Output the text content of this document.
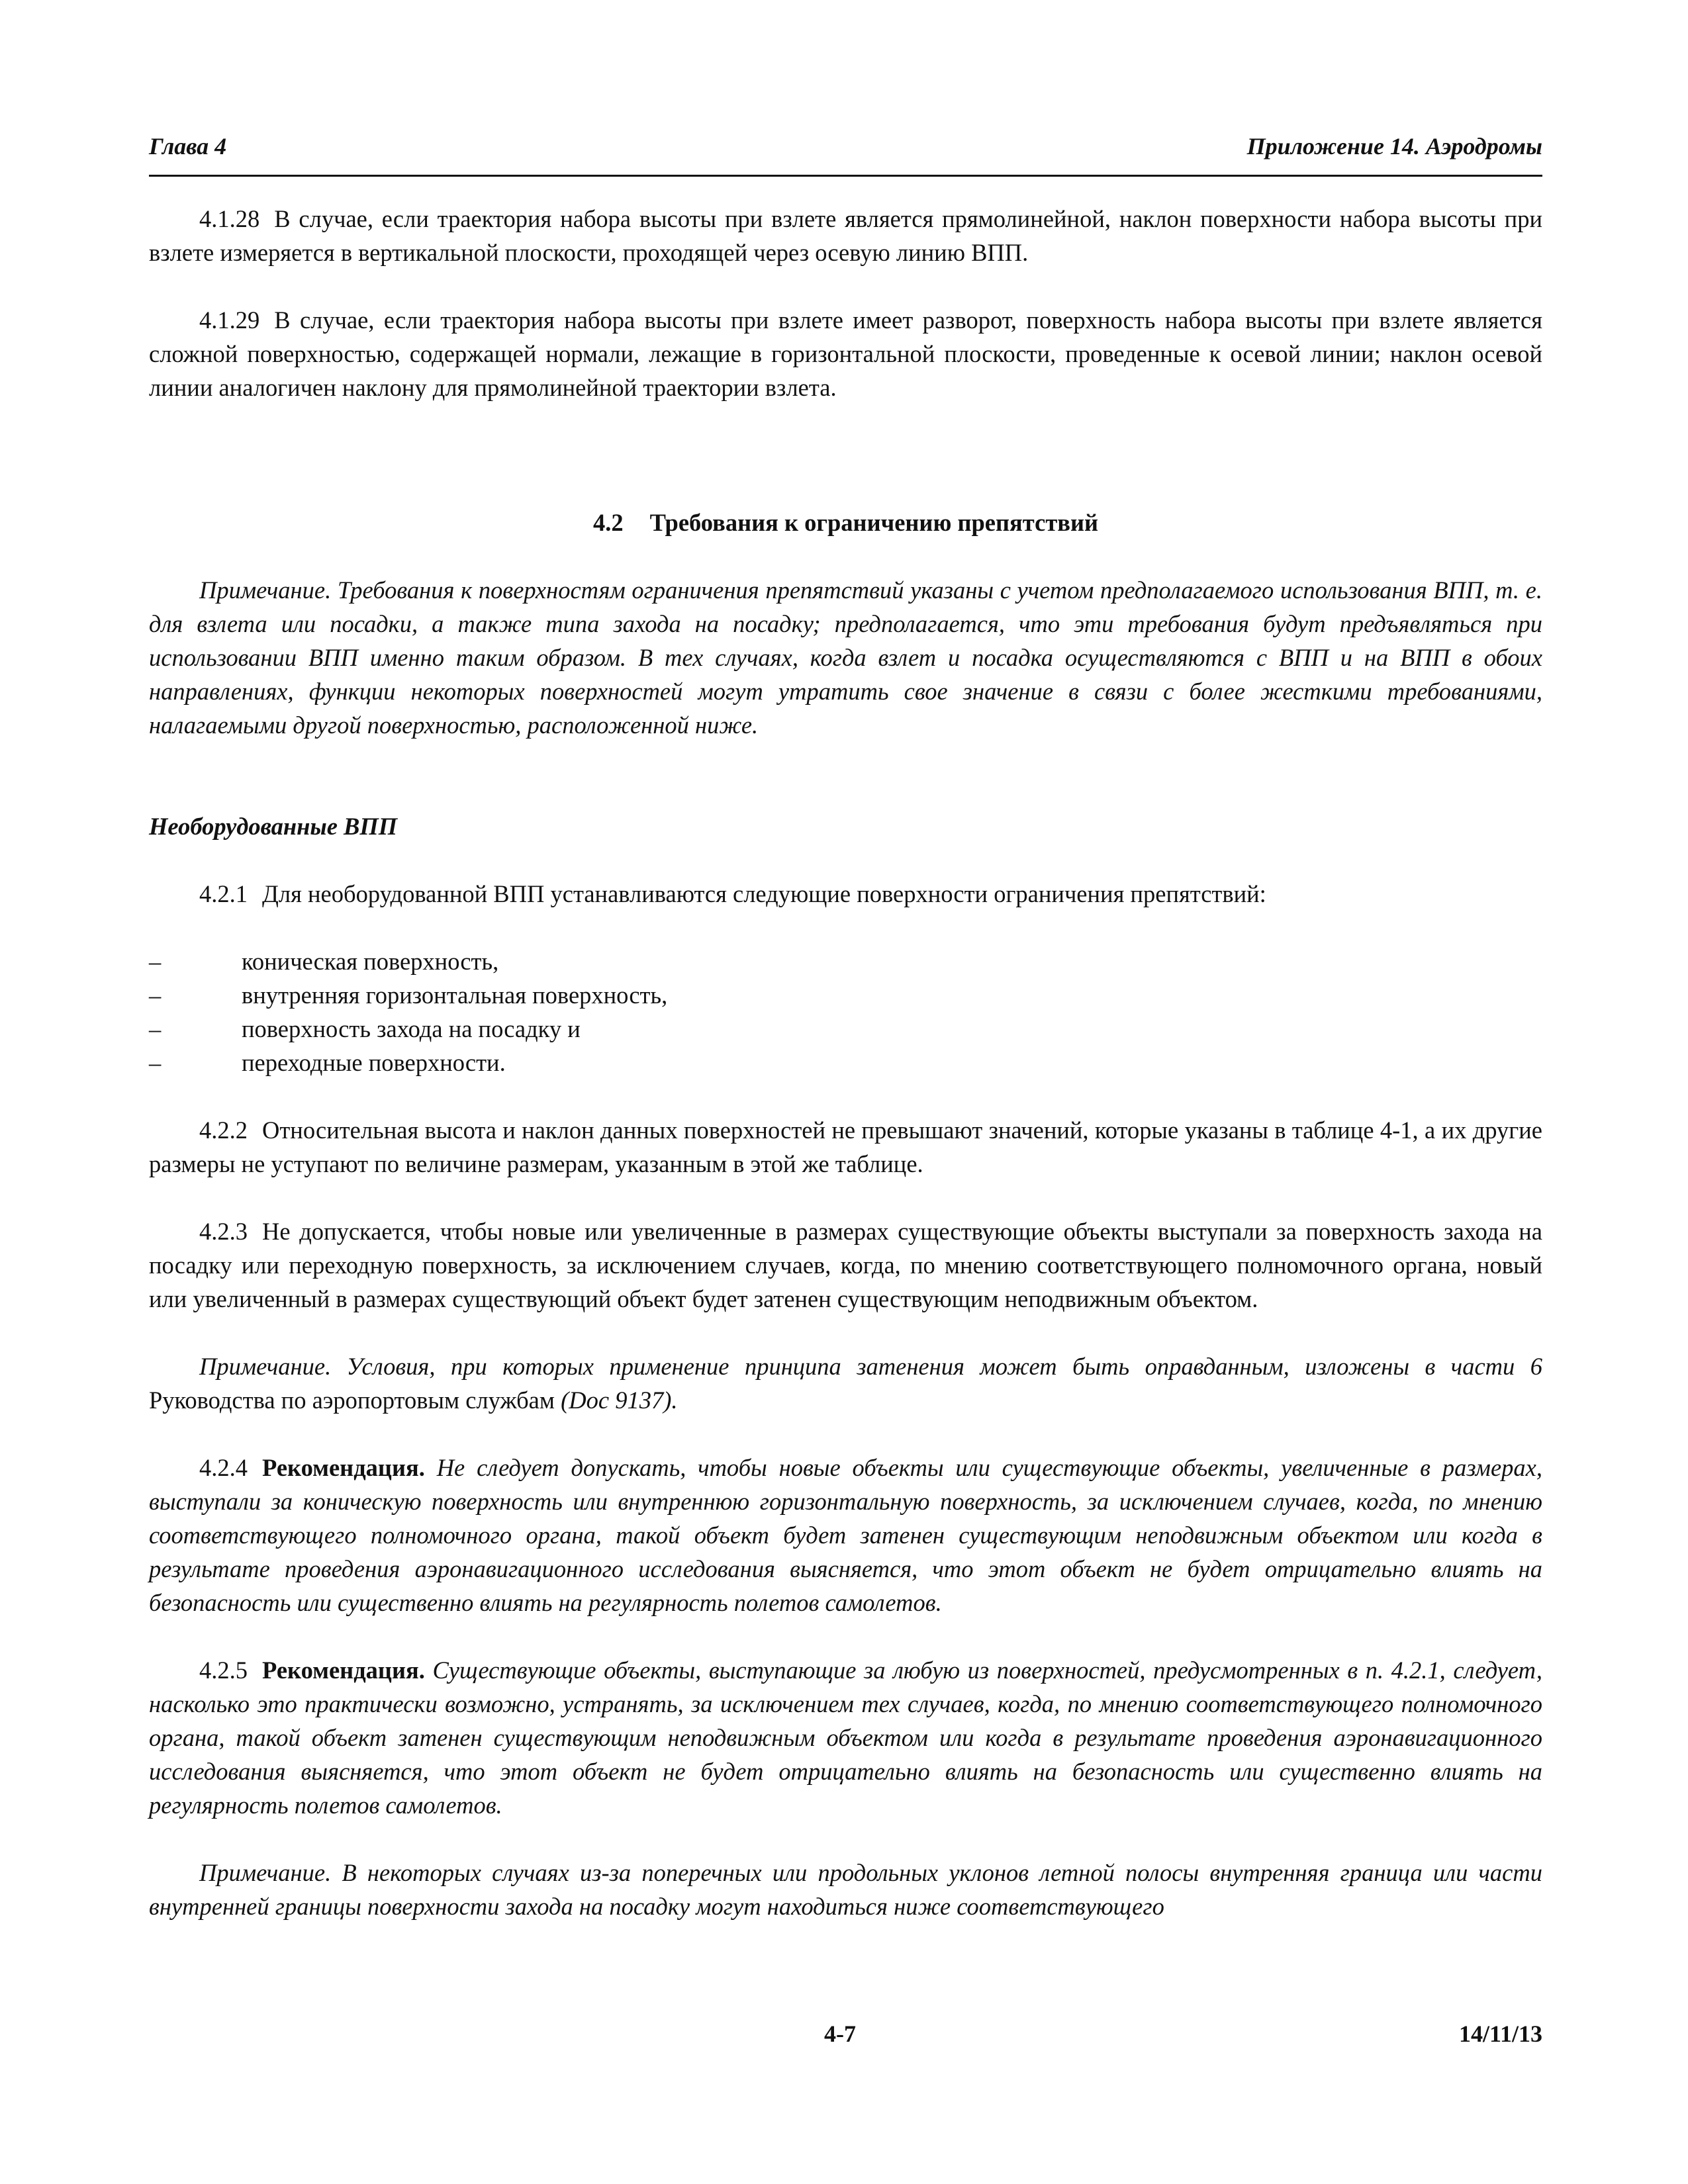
Глава 4	Приложение 14. Аэродромы

4.1.28 В случае, если траектория набора высоты при взлете является прямолинейной, наклон поверхности набора высоты при взлете измеряется в вертикальной плоскости, проходящей через осевую линию ВПП.

4.1.29 В случае, если траектория набора высоты при взлете имеет разворот, поверхность набора высоты при взлете является сложной поверхностью, содержащей нормали, лежащие в горизонтальной плоскости, проведенные к осевой линии; наклон осевой линии аналогичен наклону для прямолинейной траектории взлета.

4.2 Требования к ограничению препятствий

Примечание. Требования к поверхностям ограничения препятствий указаны с учетом предполагаемого использования ВПП, т. е. для взлета или посадки, а также типа захода на посадку; предполагается, что эти требования будут предъявляться при использовании ВПП именно таким образом. В тех случаях, когда взлет и посадка осуществляются с ВПП и на ВПП в обоих направлениях, функции некоторых поверхностей могут утратить свое значение в связи с более жесткими требованиями, налагаемыми другой поверхностью, расположенной ниже.

Необорудованные ВПП

4.2.1 Для необорудованной ВПП устанавливаются следующие поверхности ограничения препятствий:

–	коническая поверхность,
–	внутренняя горизонтальная поверхность,
–	поверхность захода на посадку и
–	переходные поверхности.

4.2.2 Относительная высота и наклон данных поверхностей не превышают значений, которые указаны в таблице 4-1, а их другие размеры не уступают по величине размерам, указанным в этой же таблице.

4.2.3 Не допускается, чтобы новые или увеличенные в размерах существующие объекты выступали за поверхность захода на посадку или переходную поверхность, за исключением случаев, когда, по мнению соответствующего полномочного органа, новый или увеличенный в размерах существующий объект будет затенен существующим неподвижным объектом.

Примечание. Условия, при которых применение принципа затенения может быть оправданным, изложены в части 6 Руководства по аэропортовым службам (Doc 9137).

4.2.4 Рекомендация. Не следует допускать, чтобы новые объекты или существующие объекты, увеличенные в размерах, выступали за коническую поверхность или внутреннюю горизонтальную поверхность, за исключением случаев, когда, по мнению соответствующего полномочного органа, такой объект будет затенен существующим неподвижным объектом или когда в результате проведения аэронавигационного исследования выясняется, что этот объект не будет отрицательно влиять на безопасность или существенно влиять на регулярность полетов самолетов.

4.2.5 Рекомендация. Существующие объекты, выступающие за любую из поверхностей, предусмотренных в п. 4.2.1, следует, насколько это практически возможно, устранять, за исключением тех случаев, когда, по мнению соответствующего полномочного органа, такой объект затенен существующим неподвижным объектом или когда в результате проведения аэронавигационного исследования выясняется, что этот объект не будет отрицательно влиять на безопасность или существенно влиять на регулярность полетов самолетов.

Примечание. В некоторых случаях из-за поперечных или продольных уклонов летной полосы внутренняя граница или части внутренней границы поверхности захода на посадку могут находиться ниже соответствующего

4-7	14/11/13
